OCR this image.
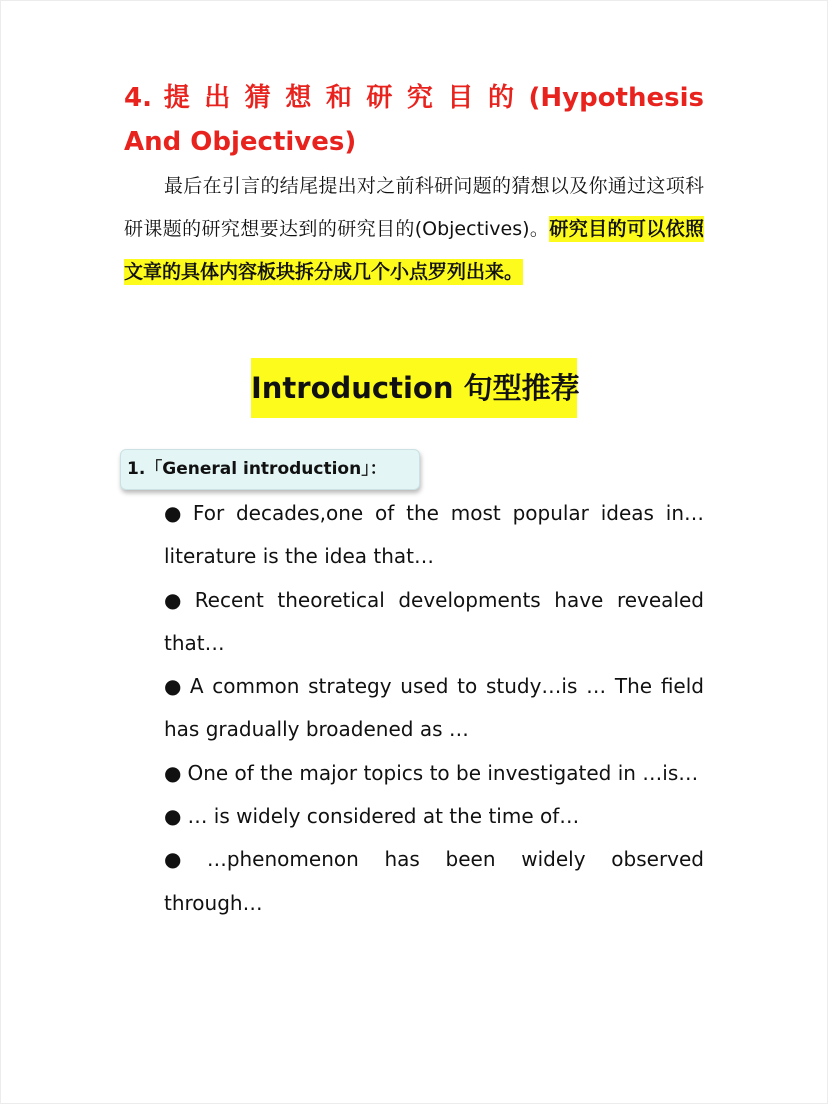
4. 提 出 猜 想 和 研 究 目 的 (Hypothesis And Objectives)

最后在引言的结尾提出对之前科研问题的猜想以及你通过这项科研课题的研究想要达到的研究目的(Objectives)。研究目的可以依照文章的具体内容板块拆分成几个小点罗列出来。

Introduction 句型推荐
1.「General introduction」：
● For decades,one of the most popular ideas in… literature is the idea that…
● Recent theoretical developments have revealed that…
● A common strategy used to study…is … The field has gradually broadened as …
● One of the major topics to be investigated in …is…
● … is widely considered at the time of…
● …phenomenon has been widely observed through…
